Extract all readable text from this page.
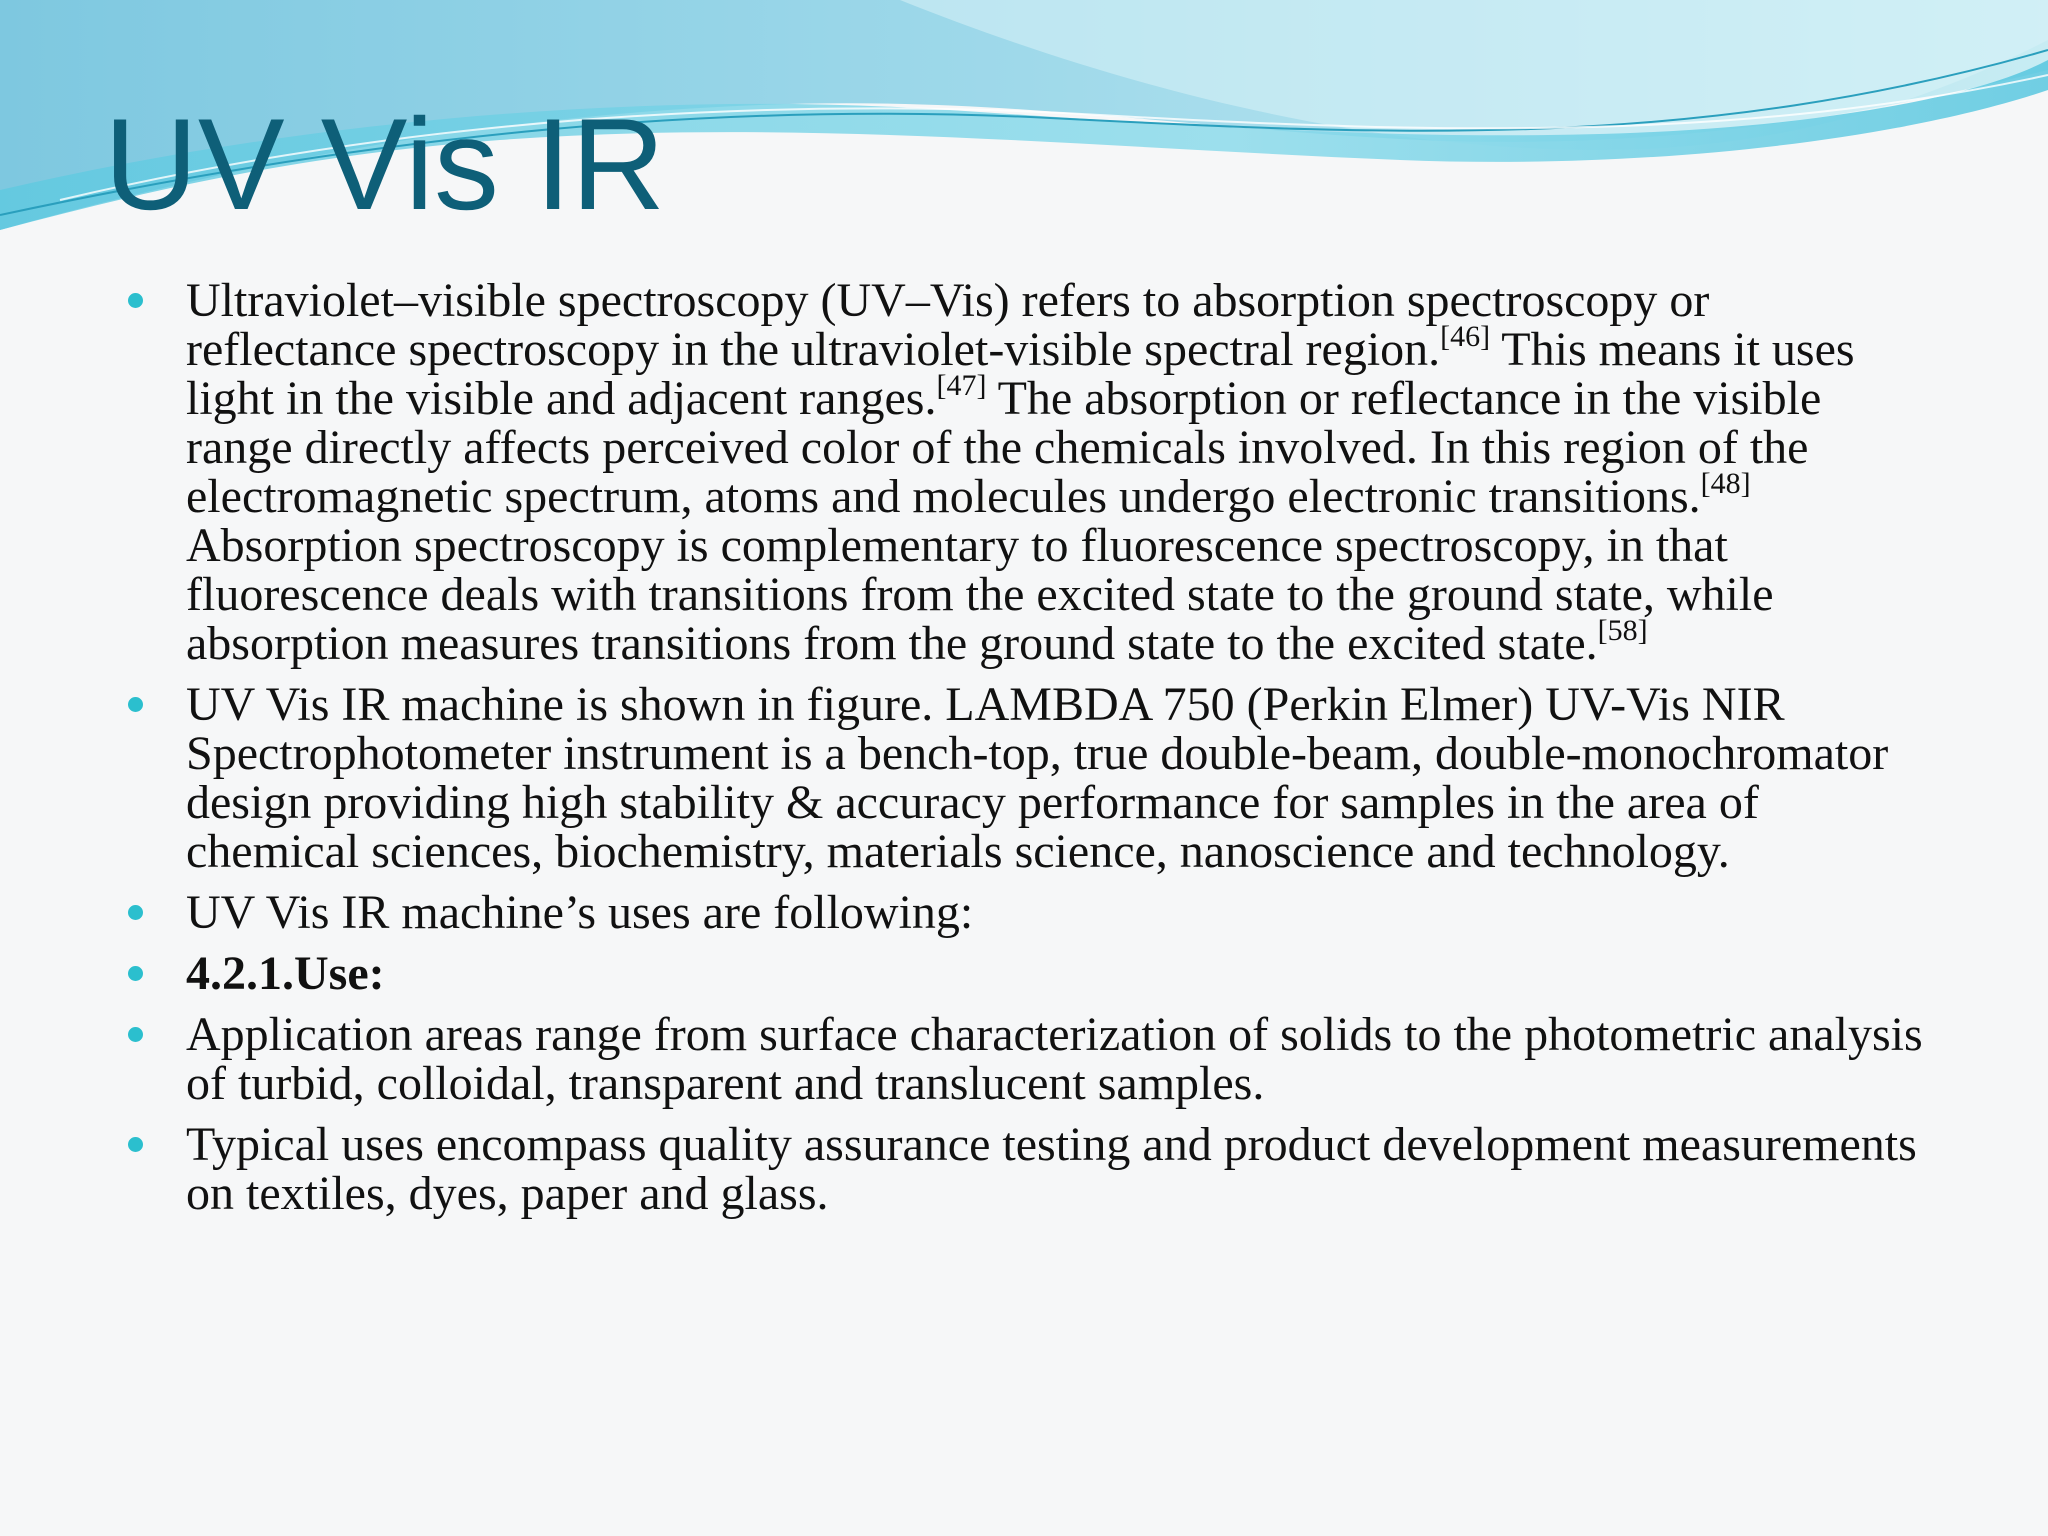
UV Vis IR
Ultraviolet–visible spectroscopy (UV–Vis) refers to absorption spectroscopy or reflectance spectroscopy in the ultraviolet-visible spectral region.[46] This means it uses light in the visible and adjacent ranges.[47] The absorption or reflectance in the visible range directly affects perceived color of the chemicals involved. In this region of the electromagnetic spectrum, atoms and molecules undergo electronic transitions.[48] Absorption spectroscopy is complementary to fluorescence spectroscopy, in that fluorescence deals with transitions from the excited state to the ground state, while absorption measures transitions from the ground state to the excited state.[58]
UV Vis IR machine is shown in figure. LAMBDA 750 (Perkin Elmer) UV-Vis NIR Spectrophotometer instrument is a bench-top, true double-beam, double-monochromator design providing high stability & accuracy performance for samples in the area of chemical sciences, biochemistry, materials science, nanoscience and technology.
UV Vis IR machine’s uses are following:
4.2.1.Use:
Application areas range from surface characterization of solids to the photometric analysis of turbid, colloidal, transparent and translucent samples.
Typical uses encompass quality assurance testing and product development measurements on textiles, dyes, paper and glass.
